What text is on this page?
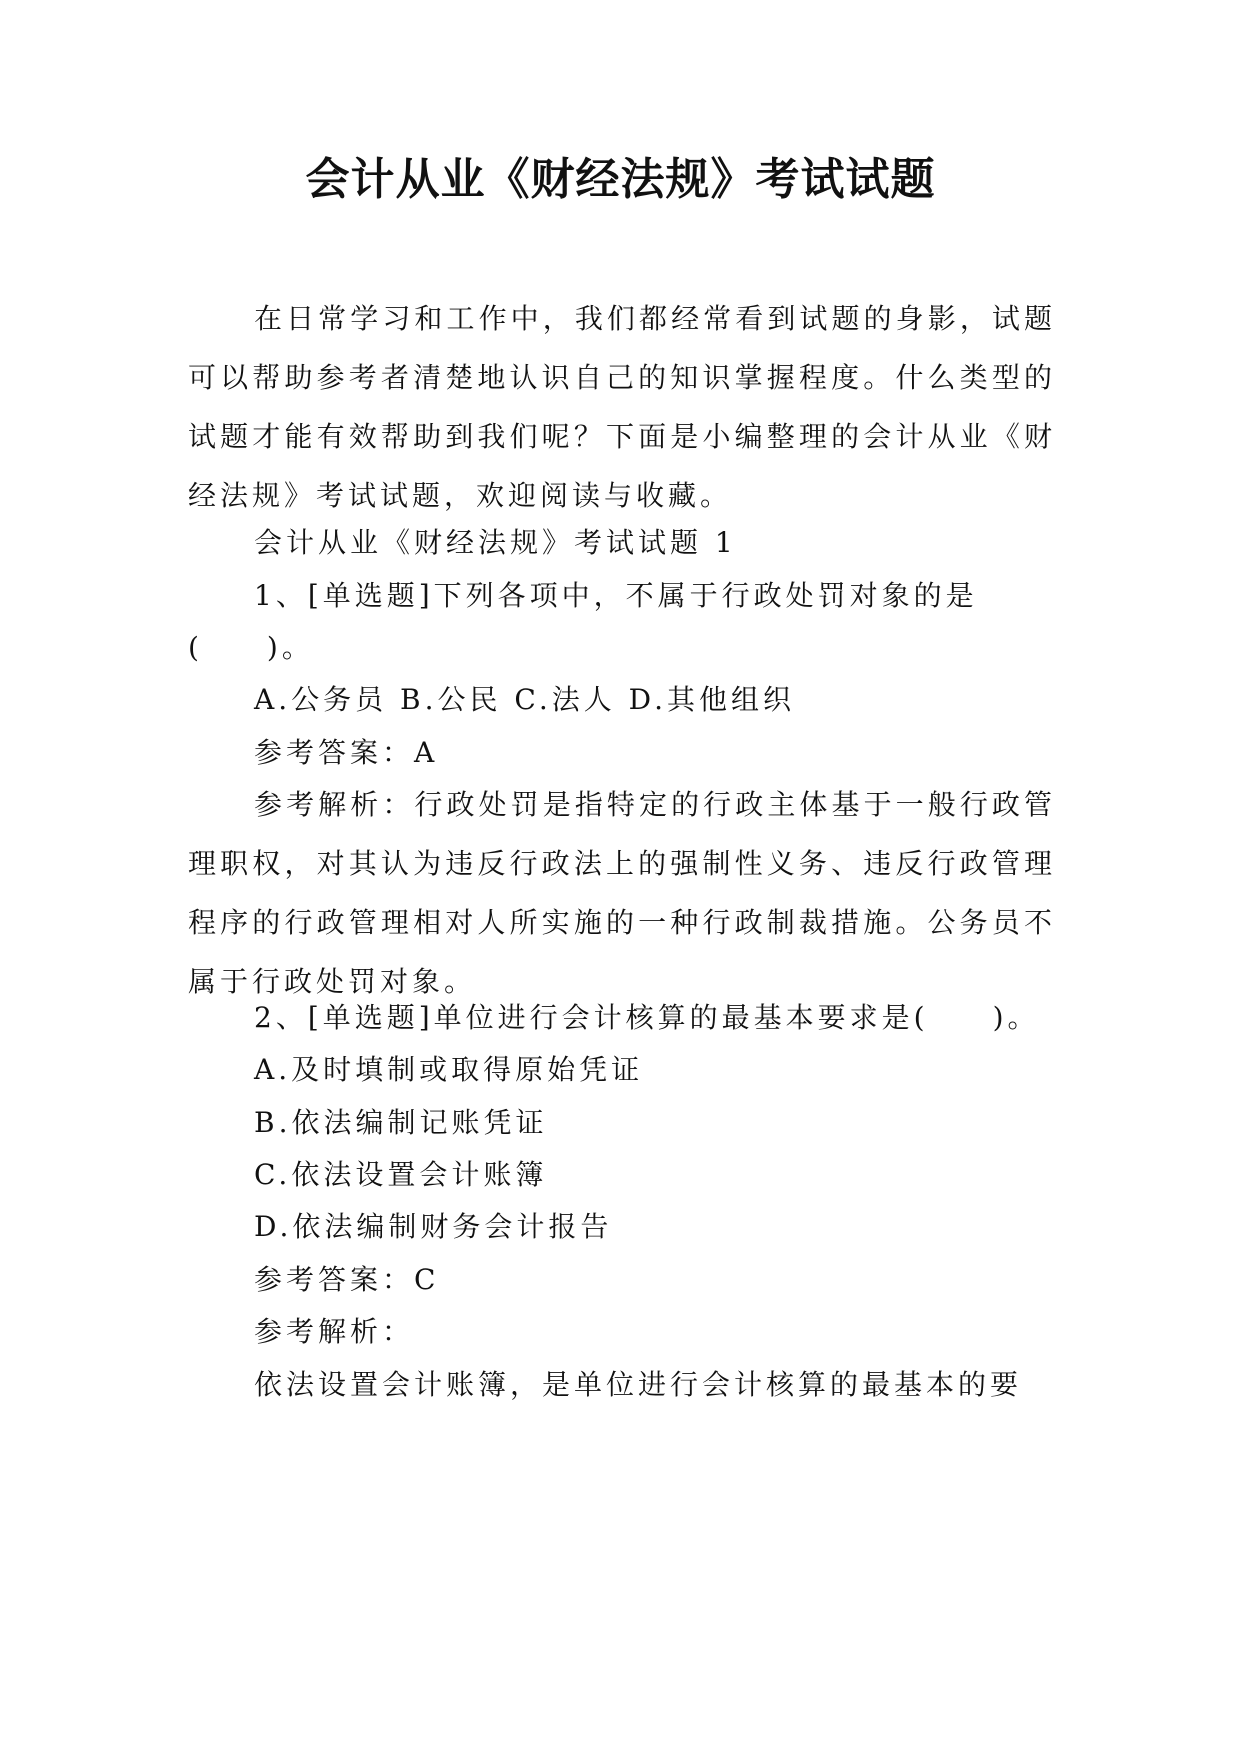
会计从业《财经法规》考试试题
在日常学习和工作中，我们都经常看到试题的身影，试题可以帮助参考者清楚地认识自己的知识掌握程度。什么类型的试题才能有效帮助到我们呢？下面是小编整理的会计从业《财经法规》考试试题，欢迎阅读与收藏。
会计从业《财经法规》考试试题 1
1、[单选题]下列各项中，不属于行政处罚对象的是
(　　)。
A.公务员 B.公民 C.法人 D.其他组织
参考答案：A
参考解析：行政处罚是指特定的行政主体基于一般行政管理职权，对其认为违反行政法上的强制性义务、违反行政管理程序的行政管理相对人所实施的一种行政制裁措施。公务员不属于行政处罚对象。
2、[单选题]单位进行会计核算的最基本要求是(　　)。
A.及时填制或取得原始凭证
B.依法编制记账凭证
C.依法设置会计账簿
D.依法编制财务会计报告
参考答案：C
参考解析：
依法设置会计账簿，是单位进行会计核算的最基本的要
